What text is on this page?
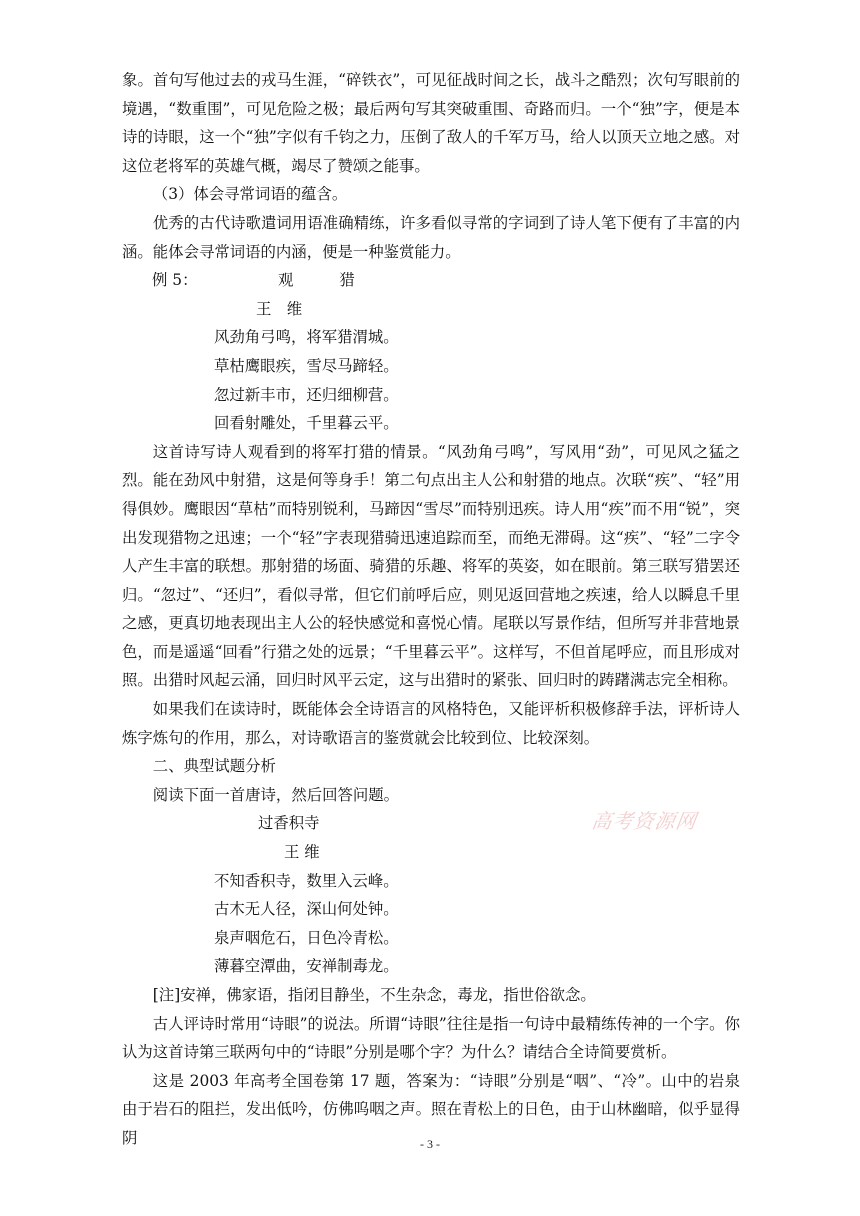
象。首句写他过去的戎马生涯，“碎铁衣”，可见征战时间之长，战斗之酷烈；次句写眼前的境遇，“数重围”，可见危险之极；最后两句写其突破重围、奇路而归。一个“独”字，便是本诗的诗眼，这一个“独”字似有千钧之力，压倒了敌人的千军万马，给人以顶天立地之感。对这位老将军的英雄气概，竭尽了赞颂之能事。

（3）体会寻常词语的蕴含。

优秀的古代诗歌遣词用语准确精练，许多看似寻常的字词到了诗人笔下便有了丰富的内涵。能体会寻常词语的内涵，便是一种鉴赏能力。

例 5：	观	猎

王　维

风劲角弓鸣，将军猎渭城。

草枯鹰眼疾，雪尽马蹄轻。

忽过新丰市，还归细柳营。

回看射雕处，千里暮云平。

这首诗写诗人观看到的将军打猎的情景。“风劲角弓鸣”，写风用“劲”，可见风之猛之烈。能在劲风中射猎，这是何等身手！第二句点出主人公和射猎的地点。次联“疾”、“轻”用得俱妙。鹰眼因“草枯”而特别锐利，马蹄因“雪尽”而特别迅疾。诗人用“疾”而不用“锐”，突出发现猎物之迅速；一个“轻”字表现猎骑迅速追踪而至，而绝无滞碍。这“疾”、“轻”二字令人产生丰富的联想。那射猎的场面、骑猎的乐趣、将军的英姿，如在眼前。第三联写猎罢还归。“忽过”、“还归”，看似寻常，但它们前呼后应，则见返回营地之疾速，给人以瞬息千里之感，更真切地表现出主人公的轻快感觉和喜悦心情。尾联以写景作结，但所写并非营地景色，而是遥遥“回看”行猎之处的远景；“千里暮云平”。这样写，不但首尾呼应，而且形成对照。出猎时风起云涌，回归时风平云定，这与出猎时的紧张、回归时的踌躇满志完全相称。

如果我们在读诗时，既能体会全诗语言的风格特色，又能评析积极修辞手法，评析诗人炼字炼句的作用，那么，对诗歌语言的鉴赏就会比较到位、比较深刻。

二、典型试题分析

阅读下面一首唐诗，然后回答问题。

过香积寺

王 维

不知香积寺，数里入云峰。

古木无人径，深山何处钟。

泉声咽危石，日色冷青松。

薄暮空潭曲，安禅制毒龙。

[注]安禅，佛家语，指闭目静坐，不生杂念，毒龙，指世俗欲念。

古人评诗时常用“诗眼”的说法。所谓“诗眼”往往是指一句诗中最精练传神的一个字。你认为这首诗第三联两句中的“诗眼”分别是哪个字？为什么？请结合全诗简要赏析。

这是 2003 年高考全国卷第 17 题，答案为：“诗眼”分别是“咽”、“冷”。山中的岩泉由于岩石的阻拦，发出低吟，仿佛呜咽之声。照在青松上的日色，由于山林幽暗，似乎显得阴

高考资源网
- 3 -
